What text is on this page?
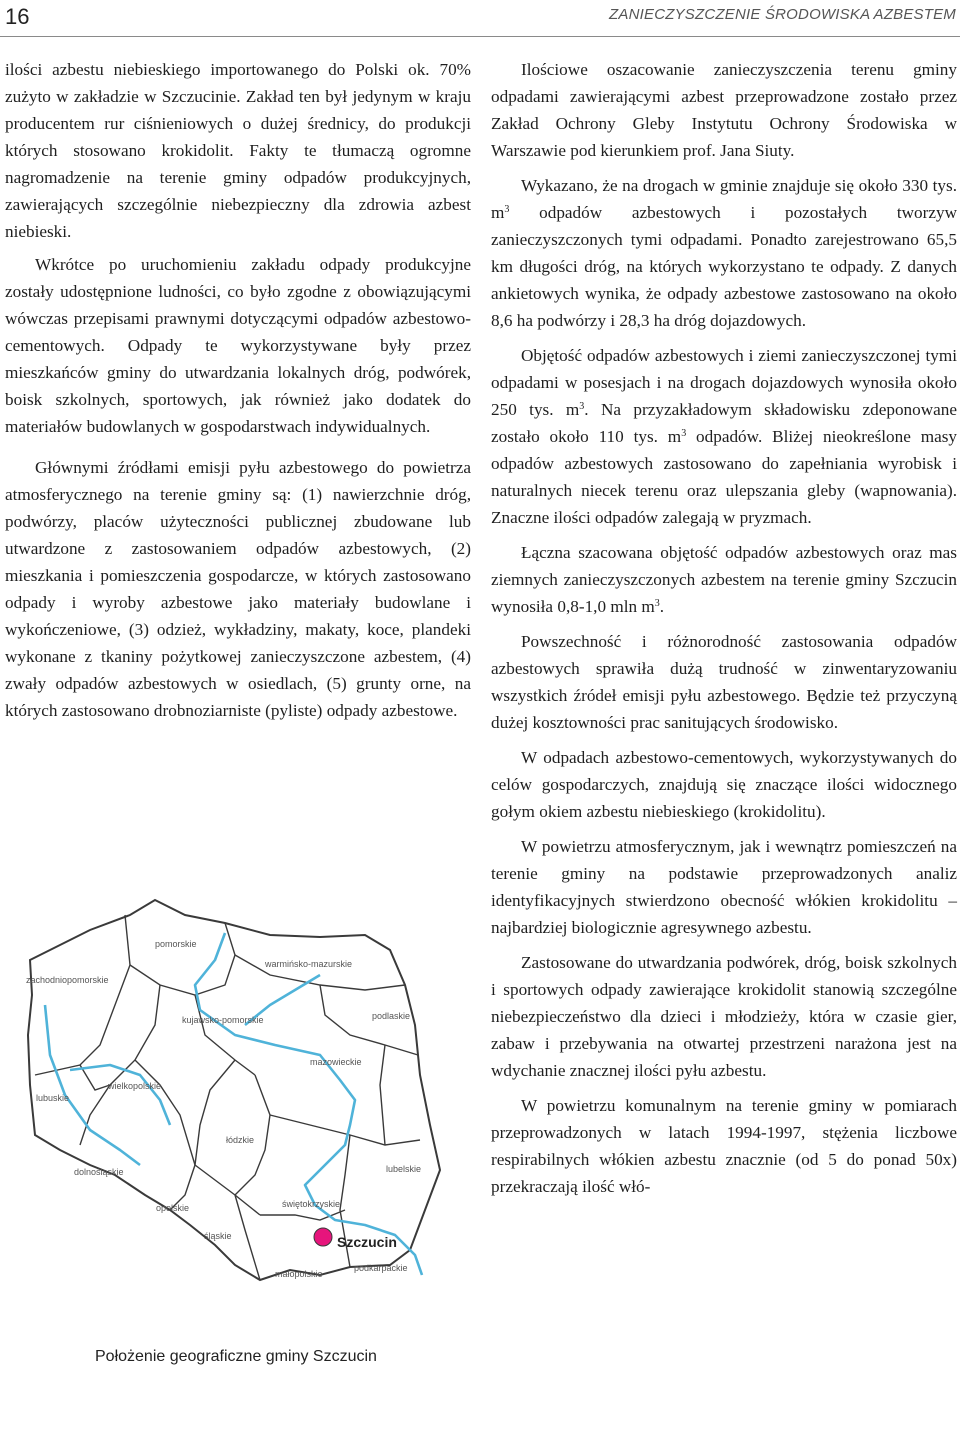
16	ZANIECZYSZCZENIE ŚRODOWISKA AZBESTEM

ilości azbestu niebieskiego importowanego do Polski ok. 70% zużyto w zakładzie w Szczucinie. Zakład ten był jedynym w kraju producentem rur ciśnieniowych o dużej średnicy, do produkcji których stosowano krokidolit. Fakty te tłumaczą ogromne nagromadzenie na terenie gminy odpadów produkcyjnych, zawierających szczególnie niebezpieczny dla zdrowia azbest niebieski.

Wkrótce po uruchomieniu zakładu odpady produkcyjne zostały udostępnione ludności, co było zgodne z obowiązującymi wówczas przepisami prawnymi dotyczącymi odpadów azbestowo-cementowych. Odpady te wykorzystywane były przez mieszkańców gminy do utwardzania lokalnych dróg, podwórek, boisk szkolnych, sportowych, jak również jako dodatek do materiałów budowlanych w gospodarstwach indywidualnych.

Głównymi źródłami emisji pyłu azbestowego do powietrza atmosferycznego na terenie gminy są: (1) nawierzchnie dróg, podwórzy, placów użyteczności publicznej zbudowane lub utwardzone z zastosowaniem odpadów azbestowych, (2) mieszkania i pomieszczenia gospodarcze, w których zastosowano odpady i wyroby azbestowe jako materiały budowlane i wykończeniowe, (3) odzież, wykładziny, makaty, koce, plandeki wykonane z tkaniny pożytkowej zanieczyszczone azbestem, (4) zwały odpadów azbestowych w osiedlach, (5) grunty orne, na których zastosowano drobnoziarniste (pyliste) odpady azbestowe.

pomorskie
warmińsko-mazurskie
zachodniopomorskie
podlaskie
kujawsko-pomorskie
mazowieckie
lubuskie
wielkopolskie
łódzkie
lubelskie
dolnośląskie
świętokrzyskie
opolskie
śląskie
małopolskie
podkarpackie
Szczucin
Położenie geograficzne gminy Szczucin

Ilościowe oszacowanie zanieczyszczenia terenu gminy odpadami zawierającymi azbest przeprowadzone zostało przez Zakład Ochrony Gleby Instytutu Ochrony Środowiska w Warszawie pod kierunkiem prof. Jana Siuty.

Wykazano, że na drogach w gminie znajduje się około 330 tys. $m^3$ odpadów azbestowych i pozostałych tworzyw zanieczyszczonych tymi odpadami. Ponadto zarejestrowano 65,5 km długości dróg, na których wykorzystano te odpady. Z danych ankietowych wynika, że odpady azbestowe zastosowano na około 8,6 ha podwórzy i 28,3 ha dróg dojazdowych.

Objętość odpadów azbestowych i ziemi zanieczyszczonej tymi odpadami w posesjach i na drogach dojazdowych wynosiła około 250 tys. $m^3$. Na przyzakładowym składowisku zdeponowane zostało około 110 tys. $m^3$ odpadów. Bliżej nieokreślone masy odpadów azbestowych zastosowano do zapełniania wyrobisk i naturalnych niecek terenu oraz ulepszania gleby (wapnowania). Znaczne ilości odpadów zalegają w pryzmach.

Łączna szacowana objętość odpadów azbestowych oraz mas ziemnych zanieczyszczonych azbestem na terenie gminy Szczucin wynosiła 0,8-1,0 mln $m^3$.

Powszechność i różnorodność zastosowania odpadów azbestowych sprawiła dużą trudność w zinwentaryzowaniu wszystkich źródeł emisji pyłu azbestowego. Będzie też przyczyną dużej kosztowności prac sanitujących środowisko.

W odpadach azbestowo-cementowych, wykorzystywanych do celów gospodarczych, znajdują się znaczące ilości widocznego gołym okiem azbestu niebieskiego (krokidolitu).

W powietrzu atmosferycznym, jak i wewnątrz pomieszczeń na terenie gminy na podstawie przeprowadzonych analiz identyfikacyjnych stwierdzono obecność włókien krokidolitu – najbardziej biologicznie agresywnego azbestu.

Zastosowane do utwardzania podwórek, dróg, boisk szkolnych i sportowych odpady zawierające krokidolit stanowią szczególne niebezpieczeństwo dla dzieci i młodzieży, która w czasie gier, zabaw i przebywania na otwartej przestrzeni narażona jest na wdychanie znacznej ilości pyłu azbestu.

W powietrzu komunalnym na terenie gminy w pomiarach przeprowadzonych w latach 1994-1997, stężenia liczbowe respirabilnych włókien azbestu znacznie (od 5 do ponad 50x) przekraczają ilość włó-
